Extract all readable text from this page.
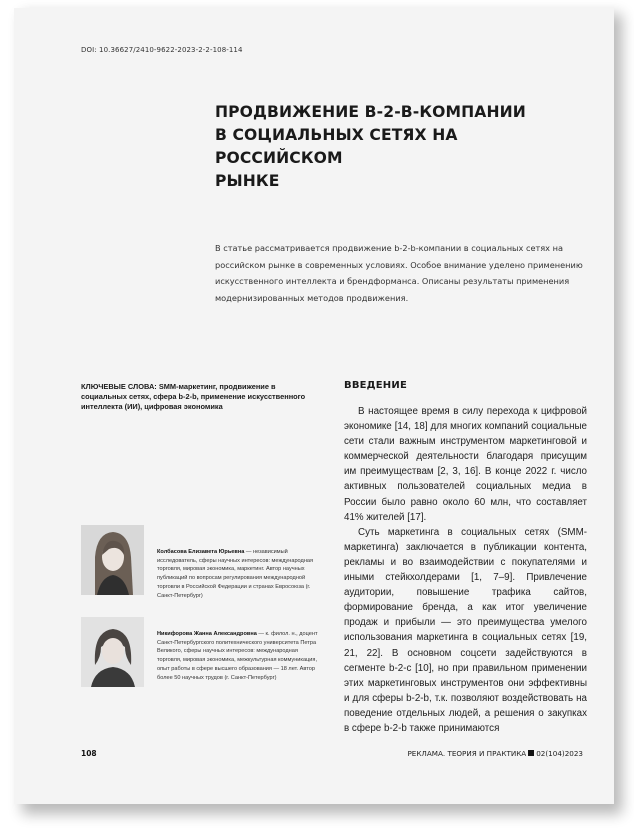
DOI: 10.36627/2410-9622-2023-2-2-108-114
ПРОДВИЖЕНИЕ B-2-B-КОМПАНИИ
В СОЦИАЛЬНЫХ СЕТЯХ НА РОССИЙСКОМ
РЫНКЕ
В статье рассматривается продвижение b-2-b-компании в социальных сетях на российском рынке в современных условиях. Особое внимание уделено применению искусственного интеллекта и брендформанса. Описаны результаты применения модернизированных методов продвижения.
КЛЮЧЕВЫЕ СЛОВА: SMM-маркетинг, продвижение в социальных сетях, сфера b-2-b, применение искусственного интеллекта (ИИ), цифровая экономика
Колбасова Елизавета Юрьевна — независимый исследователь, сферы научных интересов: международная торговля, мировая экономика, маркетинг. Автор научных публикаций по вопросам регулирования международной торговли в Российской Федерации и странах Евросоюза (г. Санкт-Петербург)
Никифорова Жанна Александровна — к. филол. н., доцент Санкт-Петербургского политехнического университета Петра Великого, сферы научных интересов: международная торговля, мировая экономика, межкультурная коммуникация, опыт работы в сфере высшего образования — 18 лет. Автор более 50 научных трудов (г. Санкт-Петербург)
ВВЕДЕНИЕ

В настоящее время в силу перехода к цифровой экономике [14, 18] для многих компаний социальные сети стали важным инструментом маркетинговой и коммерческой деятельности благодаря присущим им преимуществам [2, 3, 16]. В конце 2022 г. число активных пользователей социальных медиа в России было равно около 60 млн, что составляет 41% жителей [17].

Суть маркетинга в социальных сетях (SMM-маркетинга) заключается в публикации контента, рекламы и во взаимодействии с покупателями и иными стейкхолдерами [1, 7–9]. Привлечение аудитории, повышение трафика сайтов, формирование бренда, а как итог увеличение продаж и прибыли — это преимущества умелого использования маркетинга в социальных сетях [19, 21, 22]. В основном соцсети задействуются в сегменте b-2-c [10], но при правильном применении этих маркетинговых инструментов они эффективны и для сферы b-2-b, т.к. позволяют воздействовать на поведение отдельных людей, а решения о закупках в сфере b-2-b также принимаются

108	РЕКЛАМА. ТЕОРИЯ И ПРАКТИКА 02(104)2023
